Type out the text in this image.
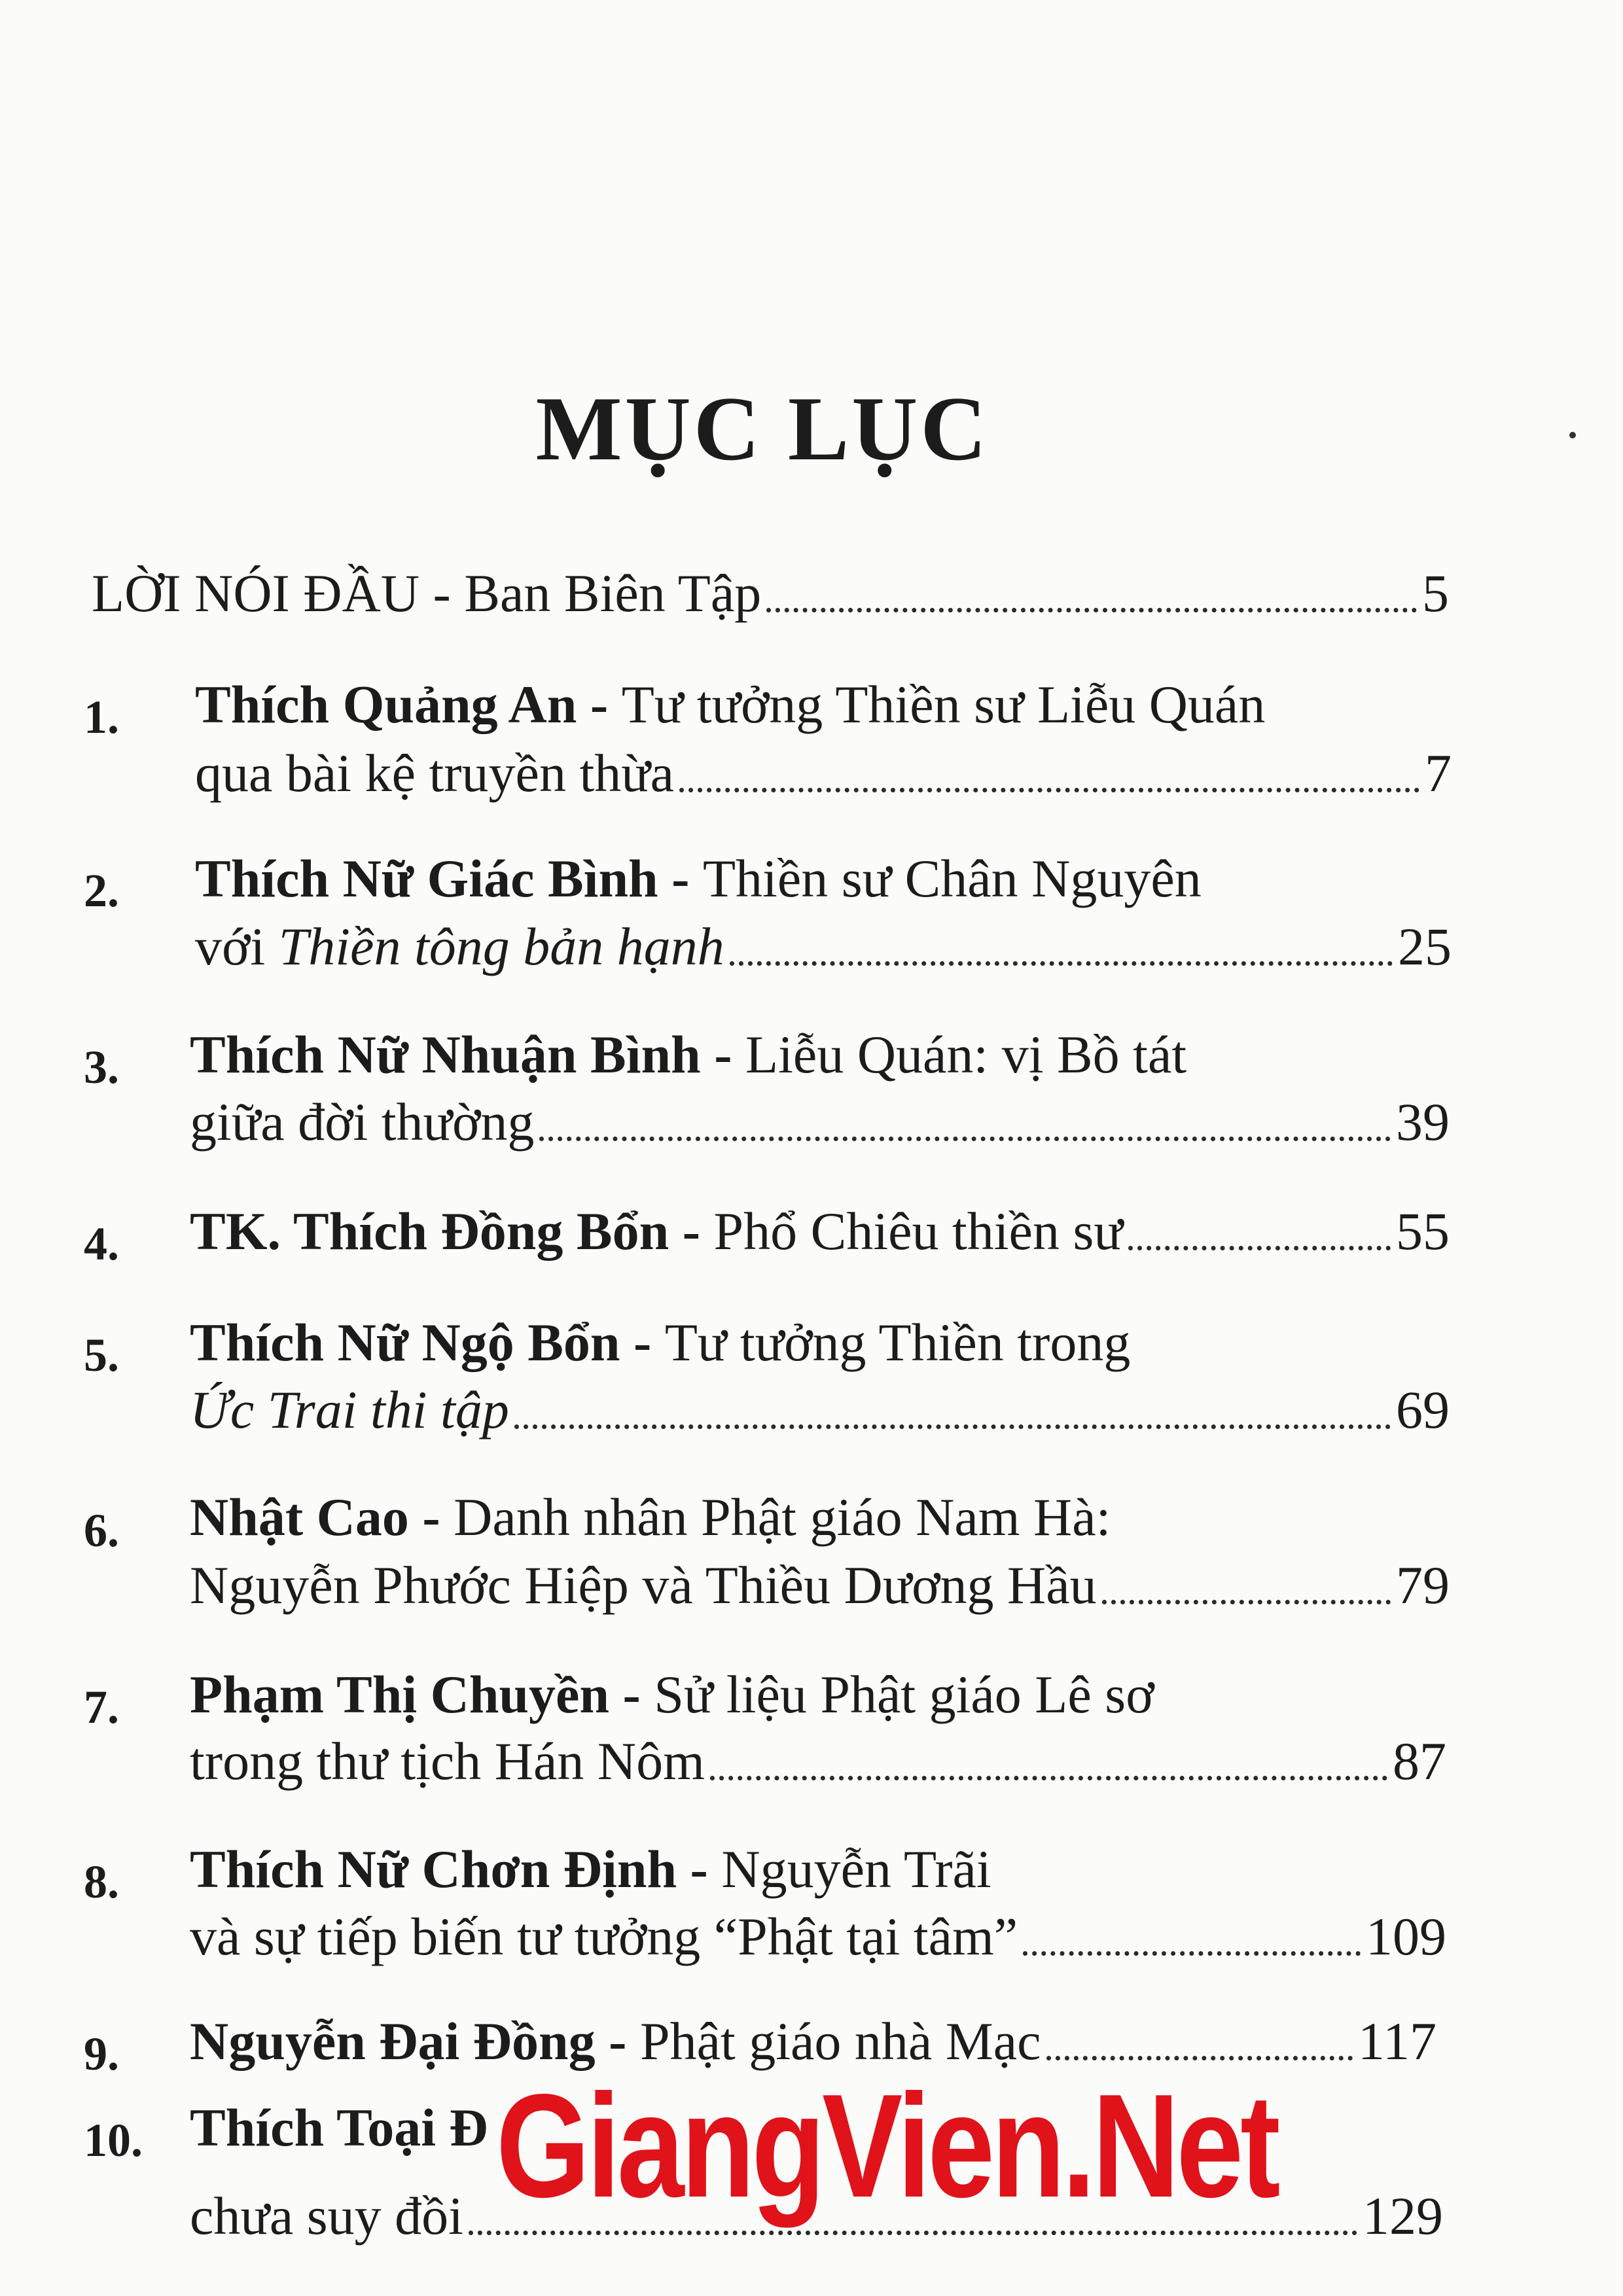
MỤC LỤC
LỜI NÓI ĐẦU - Ban Biên Tập	5
1. Thích Quảng An - Tư tưởng Thiền sư Liễu Quán
qua bài kệ truyền thừa	7
2. Thích Nữ Giác Bình - Thiền sư Chân Nguyên
với Thiền tông bản hạnh	25
3. Thích Nữ Nhuận Bình - Liễu Quán: vị Bồ tát
giữa đời thường	39
4. TK. Thích Đồng Bổn - Phổ Chiêu thiền sư	55
5. Thích Nữ Ngộ Bổn - Tư tưởng Thiền trong
Ức Trai thi tập	69
6. Nhật Cao - Danh nhân Phật giáo Nam Hà:
Nguyễn Phước Hiệp và Thiều Dương Hầu	79
7. Phạm Thị Chuyền - Sử liệu Phật giáo Lê sơ
trong thư tịch Hán Nôm	87
8. Thích Nữ Chơn Định - Nguyễn Trãi
và sự tiếp biến tư tưởng “Phật tại tâm”	109
9. Nguyễn Đại Đồng - Phật giáo nhà Mạc	117
10. Thích Toại Đ
chưa suy đồi	129
GiangVien.Net
